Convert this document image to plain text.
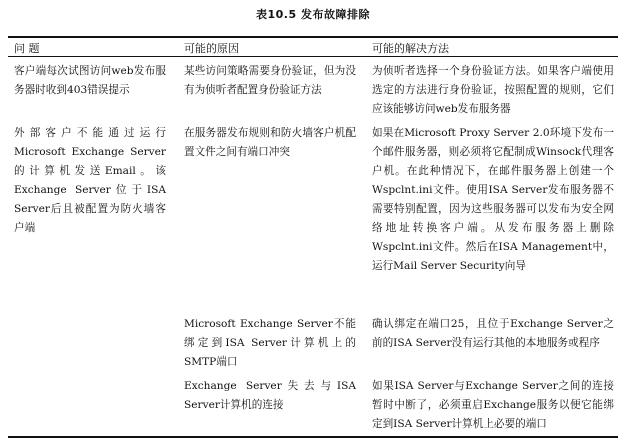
表10.5 发布故障排除
问 题	可能的原因	可能的解决方法
客户端每次试图访问web发布服务器时收到403错误提示
某些访问策略需要身份验证，但为没有为侦听者配置身份验证方法
为侦听者选择一个身份验证方法。如果客户端使用选定的方法进行身份验证，按照配置的规则，它们应该能够访问web发布服务器
外部客户不能通过运行Microsoft Exchange Server的计算机发送Email。该Exchange Server位于ISA Server后且被配置为防火墙客户端
在服务器发布规则和防火墙客户机配置文件之间有端口冲突
如果在Microsoft Proxy Server 2.0环境下发布一个邮件服务器，则必须将它配制成Winsock代理客户机。在此种情况下，在邮件服务器上创建一个Wspclnt.ini文件。使用ISA Server发布服务器不需要特别配置，因为这些服务器可以发布为安全网络地址转换客户端。从发布服务器上删除Wspclnt.ini文件。然后在ISA Management中，运行Mail Server Security向导
Microsoft Exchange Server不能绑定到ISA Server计算机上的SMTP端口
确认绑定在端口25，且位于Exchange Server之前的ISA Server没有运行其他的本地服务或程序
Exchange Server失去与ISA Server计算机的连接
如果ISA Server与Exchange Server之间的连接暂时中断了，必须重启Exchange服务以便它能绑定到ISA Server计算机上必要的端口
